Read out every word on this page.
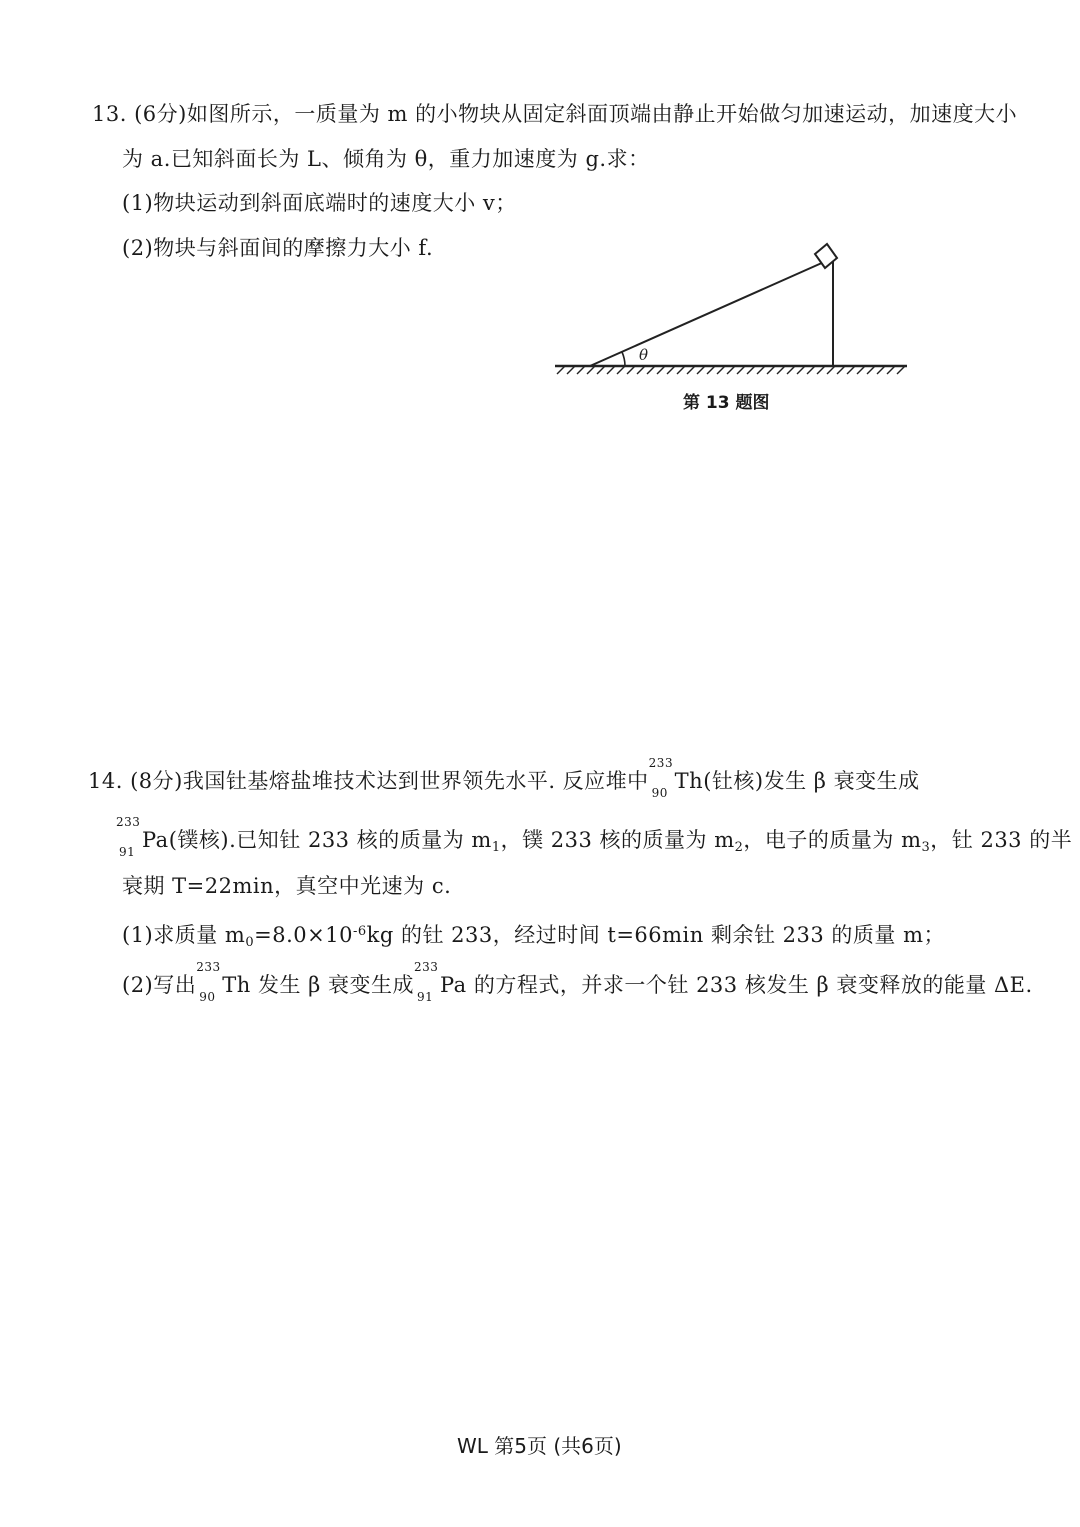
13. (6分)如图所示，一质量为 m 的小物块从固定斜面顶端由静止开始做匀加速运动，加速度大小
为 a.已知斜面长为 L、倾角为 θ，重力加速度为 g.求：
(1)物块运动到斜面底端时的速度大小 v；
(2)物块与斜面间的摩擦力大小 f.
θ
第 13 题图
14. (8分)我国钍基熔盐堆技术达到世界领先水平. 反应堆中
233
90 Th(钍核)发生 β 衰变生成
233
91 Pa(镤核).已知钍 233 核的质量为 $m_1$，镤 233 核的质量为 $m_2$，电子的质量为 $m_3$，钍 233 的半
衰期 T=22min，真空中光速为 c.
(1)求质量 $m_0=8.0\times 10^{-6}kg$ 的钍 233，经过时间 t=66min 剩余钍 233 的质量 m；
(2)写出
233
90 Th 发生 β 衰变生成
233
91 Pa 的方程式，并求一个钍 233 核发生 β 衰变释放的能量 ΔE.
WL 第5页 (共6页)
